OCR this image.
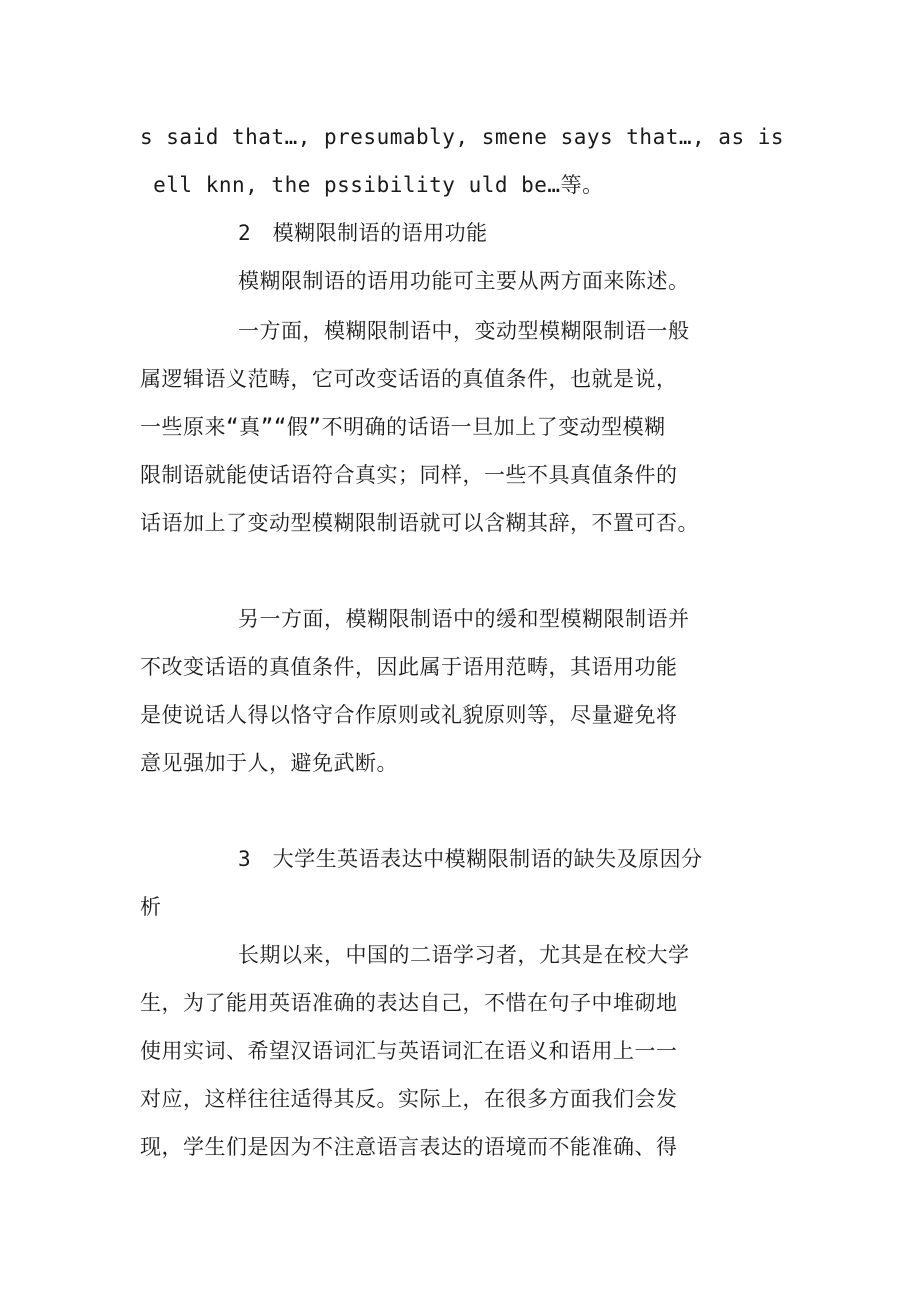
s said that…, presumably, smene says that…, as is
ell knn, the pssibility uld be…等。
2　模糊限制语的语用功能
模糊限制语的语用功能可主要从两方面来陈述。
一方面，模糊限制语中，变动型模糊限制语一般
属逻辑语义范畴，它可改变话语的真值条件，也就是说，
一些原来“真”“假”不明确的话语一旦加上了变动型模糊
限制语就能使话语符合真实；同样，一些不具真值条件的
话语加上了变动型模糊限制语就可以含糊其辞，不置可否。
另一方面，模糊限制语中的缓和型模糊限制语并
不改变话语的真值条件，因此属于语用范畴，其语用功能
是使说话人得以恪守合作原则或礼貌原则等，尽量避免将
意见强加于人，避免武断。
3　大学生英语表达中模糊限制语的缺失及原因分
析
长期以来，中国的二语学习者，尤其是在校大学
生，为了能用英语准确的表达自己，不惜在句子中堆砌地
使用实词、希望汉语词汇与英语词汇在语义和语用上一一
对应，这样往往适得其反。实际上，在很多方面我们会发
现，学生们是因为不注意语言表达的语境而不能准确、得
